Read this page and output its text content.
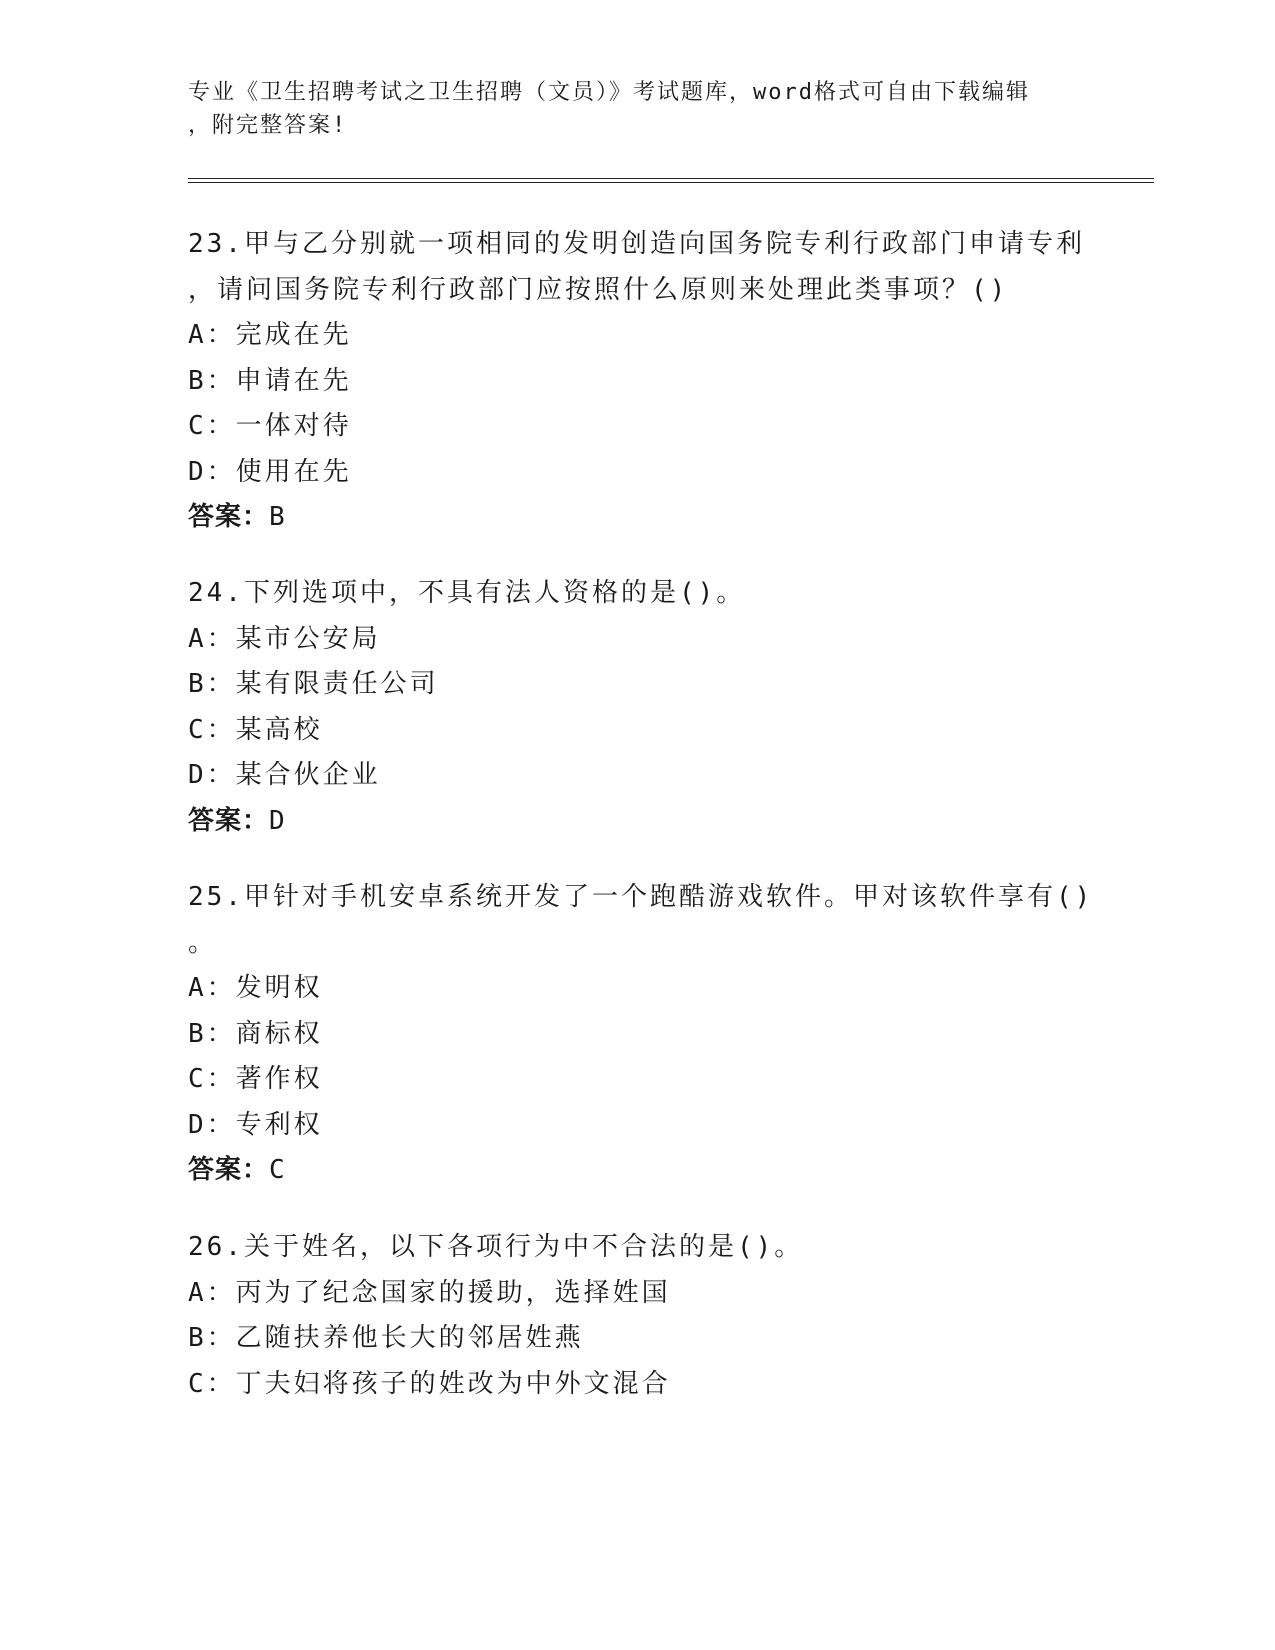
专业《卫生招聘考试之卫生招聘（文员）》考试题库，word格式可自由下载编辑
，附完整答案!
23.甲与乙分别就一项相同的发明创造向国务院专利行政部门申请专利
，请问国务院专利行政部门应按照什么原则来处理此类事项？()
A：完成在先
B：申请在先
C：一体对待
D：使用在先
答案：B
24.下列选项中，不具有法人资格的是()。
A：某市公安局
B：某有限责任公司
C：某高校
D：某合伙企业
答案：D
25.甲针对手机安卓系统开发了一个跑酷游戏软件。甲对该软件享有()
。
A：发明权
B：商标权
C：著作权
D：专利权
答案：C
26.关于姓名，以下各项行为中不合法的是()。
A：丙为了纪念国家的援助，选择姓国
B：乙随扶养他长大的邻居姓燕
C：丁夫妇将孩子的姓改为中外文混合
